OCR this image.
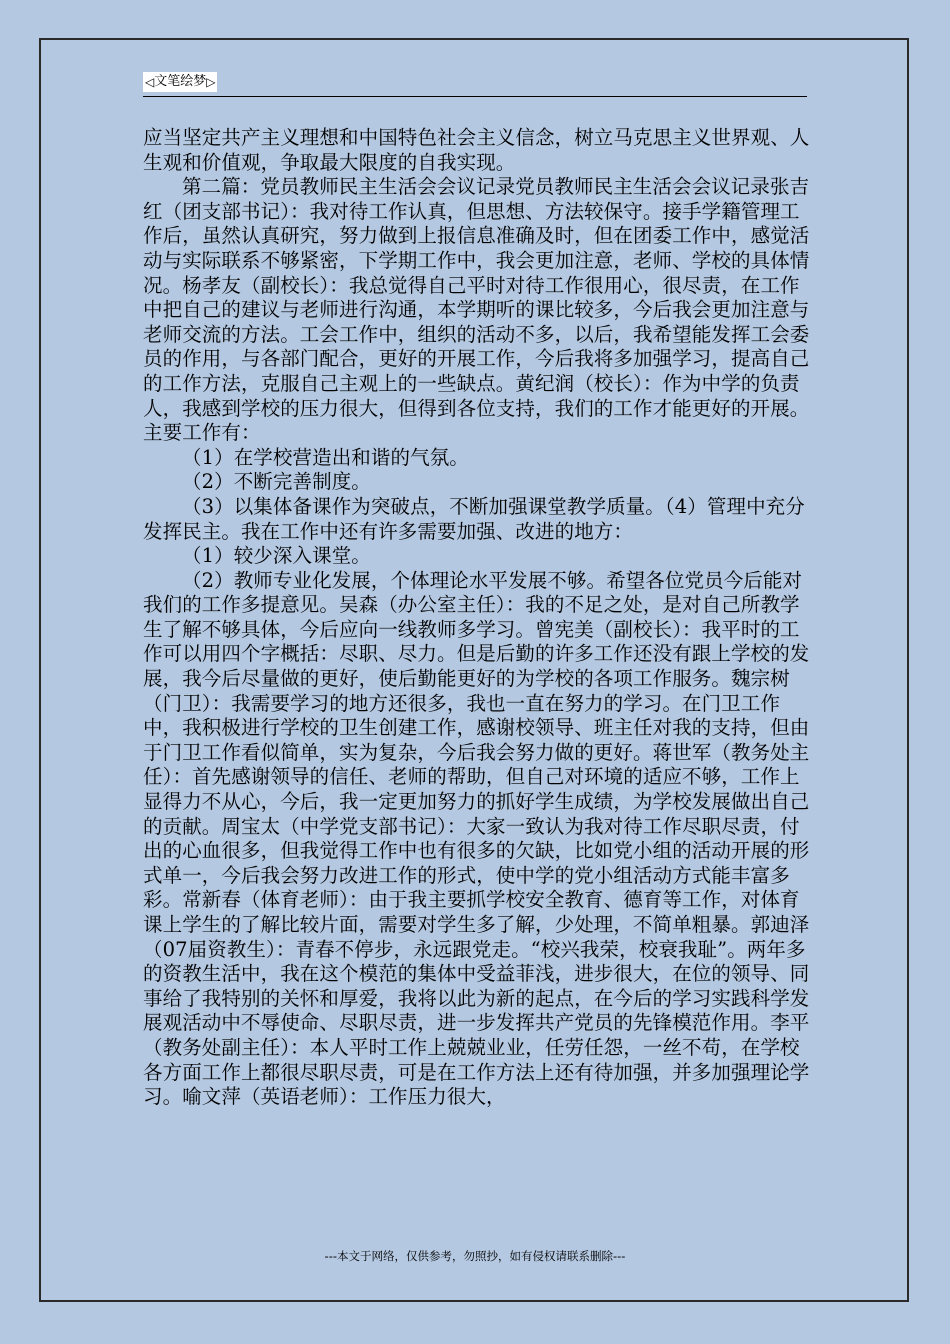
◁ 文笔绘梦 ▷

应当坚定共产主义理想和中国特色社会主义信念，树立马克思主义世界观、人生观和价值观，争取最大限度的自我实现。

第二篇：党员教师民主生活会会议记录党员教师民主生活会会议记录张吉红（团支部书记）：我对待工作认真，但思想、方法较保守。接手学籍管理工作后，虽然认真研究，努力做到上报信息准确及时，但在团委工作中，感觉活动与实际联系不够紧密，下学期工作中，我会更加注意，老师、学校的具体情况。杨孝友（副校长）：我总觉得自己平时对待工作很用心，很尽责，在工作中把自己的建议与老师进行沟通，本学期听的课比较多，今后我会更加注意与老师交流的方法。工会工作中，组织的活动不多，以后，我希望能发挥工会委员的作用，与各部门配合，更好的开展工作，今后我将多加强学习，提高自己的工作方法，克服自己主观上的一些缺点。黄纪润（校长）：作为中学的负责人，我感到学校的压力很大，但得到各位支持，我们的工作才能更好的开展。主要工作有：

（1）在学校营造出和谐的气氛。

（2）不断完善制度。

（3）以集体备课作为突破点，不断加强课堂教学质量。（4）管理中充分发挥民主。我在工作中还有许多需要加强、改进的地方：

（1）较少深入课堂。

（2）教师专业化发展，个体理论水平发展不够。希望各位党员今后能对我们的工作多提意见。吴森（办公室主任）：我的不足之处，是对自己所教学生了解不够具体，今后应向一线教师多学习。曾宪美（副校长）：我平时的工作可以用四个字概括：尽职、尽力。但是后勤的许多工作还没有跟上学校的发展，我今后尽量做的更好，使后勤能更好的为学校的各项工作服务。魏宗树（门卫）：我需要学习的地方还很多，我也一直在努力的学习。在门卫工作中，我积极进行学校的卫生创建工作，感谢校领导、班主任对我的支持，但由于门卫工作看似简单，实为复杂，今后我会努力做的更好。蒋世军（教务处主任）：首先感谢领导的信任、老师的帮助，但自己对环境的适应不够，工作上显得力不从心，今后，我一定更加努力的抓好学生成绩，为学校发展做出自己的贡献。周宝太（中学党支部书记）：大家一致认为我对待工作尽职尽责，付出的心血很多，但我觉得工作中也有很多的欠缺，比如党小组的活动开展的形式单一，今后我会努力改进工作的形式，使中学的党小组活动方式能丰富多彩。常新春（体育老师）：由于我主要抓学校安全教育、德育等工作，对体育课上学生的了解比较片面，需要对学生多了解，少处理，不简单粗暴。郭迪泽（07届资教生）：青春不停步，永远跟党走。“校兴我荣，校衰我耻”。两年多的资教生活中，我在这个模范的集体中受益菲浅，进步很大，在位的领导、同事给了我特别的关怀和厚爱，我将以此为新的起点，在今后的学习实践科学发展观活动中不辱使命、尽职尽责，进一步发挥共产党员的先锋模范作用。李平（教务处副主任）：本人平时工作上兢兢业业，任劳任怨，一丝不苟，在学校各方面工作上都很尽职尽责，可是在工作方法上还有待加强，并多加强理论学习。喻文萍（英语老师）：工作压力很大，

---本文于网络，仅供参考，勿照抄，如有侵权请联系删除---
